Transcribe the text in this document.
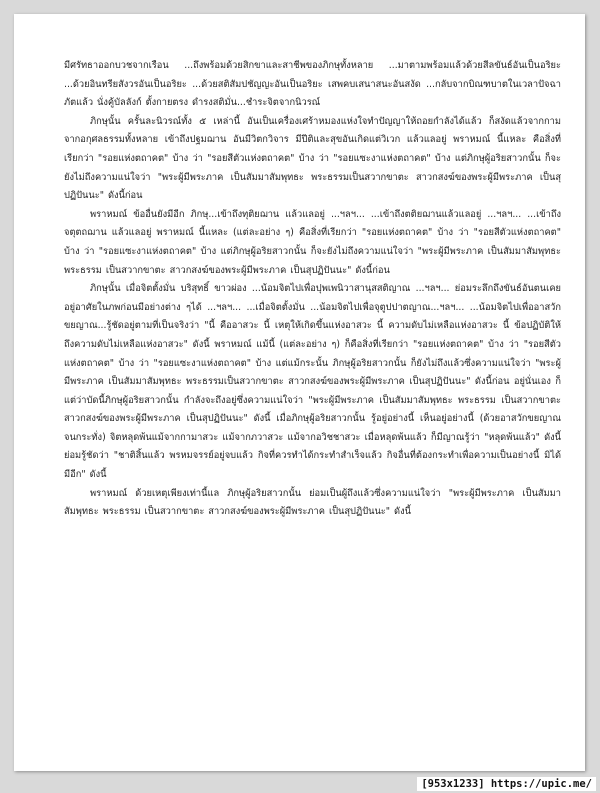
มีศรัทธาออกบวชจากเรือน ...ถึงพร้อมด้วยสิกขาและสาชีพของภิกษุทั้งหลาย ...มาตามพร้อมแล้วด้วยสีลขันธ์อันเป็นอริยะ ...ด้วยอินทรียสังวรอันเป็นอริยะ ...ด้วยสติสัมปชัญญะอันเป็นอริยะ เสพคบเสนาสนะอันสงัด ...กลับจากบิณฑบาตในเวลาปัจฉาภัตแล้ว นั่งคู้บัลลังก์ ตั้งกายตรง ดำรงสติมั่น...ชำระจิตจากนิวรณ์

ภิกษุนั้น ครั้นละนิวรณ์ทั้ง ๕ เหล่านี้ อันเป็นเครื่องเศร้าหมองแห่งใจทำปัญญาให้ถอยกำลังได้แล้ว ก็สงัดแล้วจากกาม จากอกุศลธรรมทั้งหลาย เข้าถึงปฐมฌาน อันมีวิตกวิจาร มีปีติและสุขอันเกิดแต่วิเวก แล้วแลอยู่ พราหมณ์ นี้แหละ คือสิ่งที่เรียกว่า "รอยแห่งตถาคต" บ้าง ว่า "รอยสีตัวแห่งตถาคต" บ้าง ว่า "รอยแซะงาแห่งตถาคต" บ้าง แต่ภิกษุผู้อริยสาวกนั้น ก็จะยังไม่ถึงความแน่ใจว่า "พระผู้มีพระภาค เป็นสัมมาสัมพุทธะ พระธรรมเป็นสวากขาตะ สาวกสงฆ์ของพระผู้มีพระภาค เป็นสุปฏิปันนะ" ดังนี้ก่อน

พราหมณ์ ข้ออื่นยังมีอีก ภิกษุ...เข้าถึงทุติยฌาน แล้วแลอยู่ ...ฯลฯ... ...เข้าถึงตติยฌานแล้วแลอยู่ ...ฯลฯ... ...เข้าถึงจตุตถฌาน แล้วแลอยู่ พราหมณ์ นี้แหละ (แต่ละอย่าง ๆ) คือสิ่งที่เรียกว่า "รอยแห่งตถาคต" บ้าง ว่า "รอยสีตัวแห่งตถาคต" บ้าง ว่า "รอยแซะงาแห่งตถาคต" บ้าง แต่ภิกษุผู้อริยสาวกนั้น ก็จะยังไม่ถึงความแน่ใจว่า "พระผู้มีพระภาค เป็นสัมมาสัมพุทธะ พระธรรม เป็นสวากขาตะ สาวกสงฆ์ของพระผู้มีพระภาค เป็นสุปฏิปันนะ" ดังนี้ก่อน

ภิกษุนั้น เมื่อจิตตั้งมั่น บริสุทธิ์ ขาวผ่อง ...น้อมจิตไปเพื่อปุพเพนิวาสานุสสติญาณ ...ฯลฯ... ย่อมระลึกถึงขันธ์อันตนเคยอยู่อาศัยในภพก่อนมีอย่างต่าง ๆได้ ...ฯลฯ... ...เมื่อจิตตั้งมั่น ...น้อมจิตไปเพื่อจุตูปปาตญาณ...ฯลฯ... ...น้อมจิตไปเพื่ออาสวักขยญาณ...รู้ชัดอยู่ตามที่เป็นจริงว่า "นี้ คืออาสวะ นี้ เหตุให้เกิดขึ้นแห่งอาสวะ นี้ ความดับไม่เหลือแห่งอาสวะ นี้ ข้อปฏิบัติให้ถึงความดับไม่เหลือแห่งอาสวะ" ดังนี้ พราหมณ์ แม้นี้ (แต่ละอย่าง ๆ) ก็คือสิ่งที่เรียกว่า "รอยแห่งตถาคต" บ้าง ว่า "รอยสีตัวแห่งตถาคต" บ้าง ว่า "รอยแซะงาแห่งตถาคต" บ้าง แต่แม้กระนั้น ภิกษุผู้อริยสาวกนั้น ก็ยังไม่ถึงแล้วซึ่งความแน่ใจว่า "พระผู้มีพระภาค เป็นสัมมาสัมพุทธะ พระธรรมเป็นสวากขาตะ สาวกสงฆ์ของพระผู้มีพระภาค เป็นสุปฏิปันนะ" ดังนี้ก่อน อยู่นั่นเอง ก็แต่ว่าบัดนี้ภิกษุผู้อริยสาวกนั้น กำลังจะถึงอยู่ซึ่งความแน่ใจว่า "พระผู้มีพระภาค เป็นสัมมาสัมพุทธะ พระธรรม เป็นสวากขาตะ สาวกสงฆ์ของพระผู้มีพระภาค เป็นสุปฏิปันนะ" ดังนี้ เมื่อภิกษุผู้อริยสาวกนั้น รู้อยู่อย่างนี้ เห็นอยู่อย่างนี้ (ด้วยอาสวักขยญาณจนกระทั่ง) จิตหลุดพ้นแม้จากกามาสวะ แม้จากภวาสวะ แม้จากอวิชชาสวะ เมื่อหลุดพ้นแล้ว ก็มีญาณรู้ว่า "หลุดพ้นแล้ว" ดังนี้ ย่อมรู้ชัดว่า "ชาติสิ้นแล้ว พรหมจรรย์อยู่จบแล้ว กิจที่ควรทำได้กระทำสำเร็จแล้ว กิจอื่นที่ต้องกระทำเพื่อความเป็นอย่างนี้ มิได้มีอีก" ดังนี้

พราหมณ์ ด้วยเหตุเพียงเท่านี้แล ภิกษุผู้อริยสาวกนั้น ย่อมเป็นผู้ถึงแล้วซึ่งความแน่ใจว่า "พระผู้มีพระภาค เป็นสัมมาสัมพุทธะ พระธรรม เป็นสวากขาตะ สาวกสงฆ์ของพระผู้มีพระภาค เป็นสุปฏิปันนะ" ดังนี้

[953x1233] https://upic.me/
